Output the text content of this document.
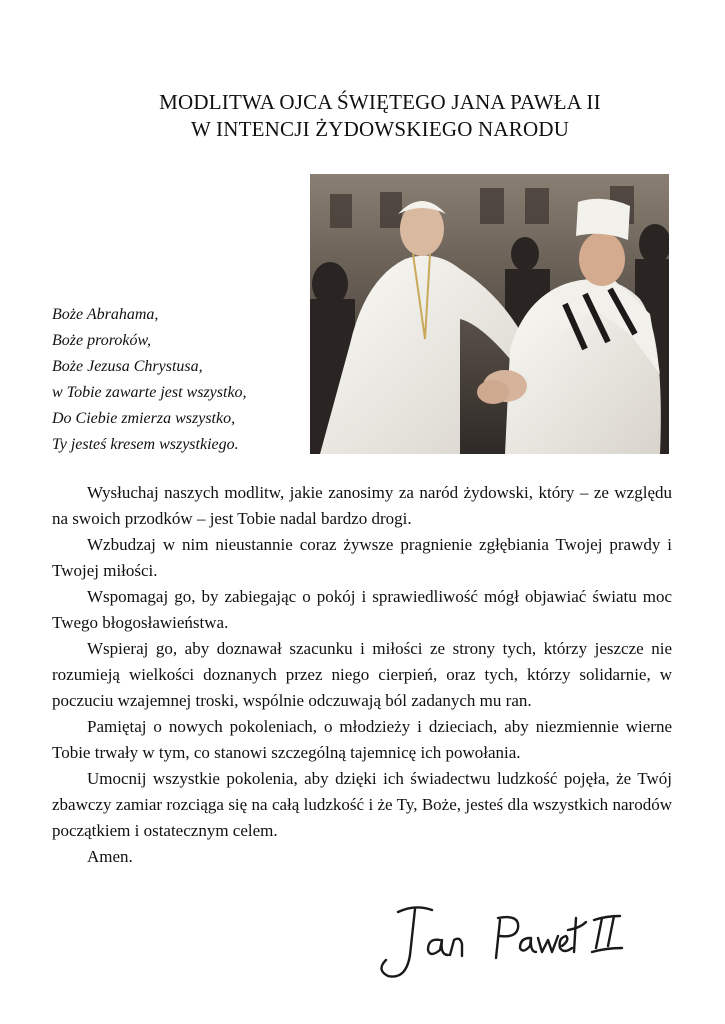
MODLITWA OJCA ŚWIĘTEGO JANA PAWŁA II
W INTENCJI ŻYDOWSKIEGO NARODU
Boże Abrahama,
Boże proroków,
Boże Jezusa Chrystusa,
w Tobie zawarte jest wszystko,
Do Ciebie zmierza wszystko,
Ty jesteś kresem wszystkiego.

Wysłuchaj naszych modlitw, jakie zanosimy za naród żydowski, który – ze względu na swoich przodków – jest Tobie nadal bardzo drogi.

Wzbudzaj w nim nieustannie coraz żywsze pragnienie zgłębiania Twojej prawdy i Twojej miłości.

Wspomagaj go, by zabiegając o pokój i sprawiedliwość mógł objawiać światu moc Twego błogosławieństwa.

Wspieraj go, aby doznawał szacunku i miłości ze strony tych, którzy jeszcze nie rozumieją wielkości doznanych przez niego cierpień, oraz tych, którzy solidarnie, w poczuciu wzajemnej troski, wspólnie odczuwają ból zadanych mu ran.

Pamiętaj o nowych pokoleniach, o młodzieży i dzieciach, aby niezmiennie wierne Tobie trwały w tym, co stanowi szczególną tajemnicę ich powołania.

Umocnij wszystkie pokolenia, aby dzięki ich świadectwu ludzkość pojęła, że Twój zbawczy zamiar rozciąga się na całą ludzkość i że Ty, Boże, jesteś dla wszystkich narodów początkiem i ostatecznym celem.

Amen.
